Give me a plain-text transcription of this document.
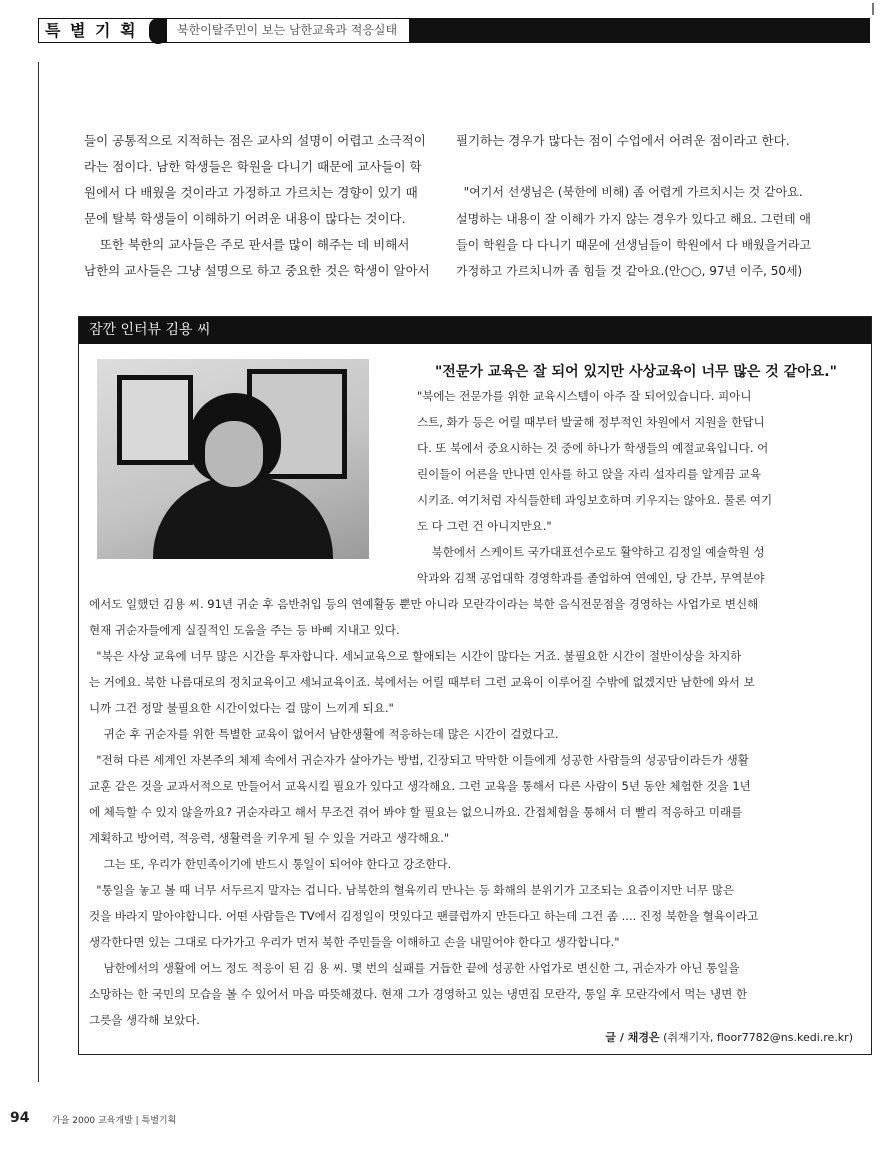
특 별 기 획	북한이탈주민이 보는 남한교육과 적응실태

들이 공통적으로 지적하는 점은 교사의 설명이 어렵고 소극적이

라는 점이다. 남한 학생들은 학원을 다니기 때문에 교사들이 학

원에서 다 배웠을 것이라고 가정하고 가르치는 경향이 있기 때

문에 탈북 학생들이 이해하기 어려운 내용이 많다는 것이다.

또한 북한의 교사들은 주로 판서를 많이 해주는 데 비해서

남한의 교사들은 그냥 설명으로 하고 중요한 것은 학생이 알아서

필기하는 경우가 많다는 점이 수업에서 어려운 점이라고 한다.

"여기서 선생님은 (북한에 비해) 좀 어렵게 가르치시는 것 같아요.

설명하는 내용이 잘 이해가 가지 않는 경우가 있다고 해요. 그런데 애

들이 학원을 다 다니기 때문에 선생님들이 학원에서 다 배웠을거라고

가정하고 가르치니까 좀 힘들 것 같아요.(안○○, 97년 이주, 50세)

잠깐 인터뷰 김용 씨
"전문가 교육은 잘 되어 있지만 사상교육이 너무 많은 것 같아요."

"북에는 전문가를 위한 교육시스템이 아주 잘 되어있습니다. 피아니

스트, 화가 등은 어릴 때부터 발굴해 정부적인 차원에서 지원을 한답니

다. 또 북에서 중요시하는 것 중에 하나가 학생들의 예절교육입니다. 어

린이들이 어른을 만나면 인사를 하고 앉을 자리 설자리를 알게끔 교육

시키죠. 여기처럼 자식들한테 과잉보호하며 키우지는 않아요. 물론 여기

도 다 그런 건 아니지만요."

북한에서 스케이트 국가대표선수로도 활약하고 김정일 예술학원 성

악과와 김책 공업대학 경영학과를 졸업하여 연예인, 당 간부, 무역분야

에서도 일했던 김용 씨. 91년 귀순 후 음반취입 등의 연예활동 뿐만 아니라 모란각이라는 북한 음식전문점을 경영하는 사업가로 변신해

현재 귀순자들에게 실질적인 도움을 주는 등 바삐 지내고 있다.

"북은 사상 교육에 너무 많은 시간을 투자합니다. 세뇌교육으로 할애되는 시간이 많다는 거죠. 불필요한 시간이 절반이상을 차지하

는 거에요. 북한 나름대로의 정치교육이고 세뇌교육이죠. 북에서는 어릴 때부터 그런 교육이 이루어질 수밖에 없겠지만 남한에 와서 보

니까 그건 정말 불필요한 시간이었다는 걸 많이 느끼게 되요."

귀순 후 귀순자를 위한 특별한 교육이 없어서 남한생활에 적응하는데 많은 시간이 걸렸다고.

"전혀 다른 세계인 자본주의 체제 속에서 귀순자가 살아가는 방법, 긴장되고 막막한 이들에게 성공한 사람들의 성공담이라든가 생활

교훈 같은 것을 교과서적으로 만들어서 교육시킬 필요가 있다고 생각해요. 그런 교육을 통해서 다른 사람이 5년 동안 체험한 것을 1년

에 체득할 수 있지 않을까요? 귀순자라고 해서 무조건 겪어 봐야 할 필요는 없으니까요. 간접체험을 통해서 더 빨리 적응하고 미래를

계획하고 방어력, 적응력, 생활력을 키우게 될 수 있을 거라고 생각해요."

그는 또, 우리가 한민족이기에 반드시 통일이 되어야 한다고 강조한다.

"통일을 놓고 볼 때 너무 서두르지 말자는 겁니다. 남북한의 혈육끼리 만나는 등 화해의 분위기가 고조되는 요즘이지만 너무 많은

것을 바라지 말아야합니다. 어떤 사람들은 TV에서 김정일이 멋있다고 팬클럽까지 만든다고 하는데 그건 좀 .... 진정 북한을 혈육이라고

생각한다면 있는 그대로 다가가고 우리가 먼저 북한 주민들을 이해하고 손을 내밀어야 한다고 생각합니다."

남한에서의 생활에 어느 정도 적응이 된 김 용 씨. 몇 번의 실패를 거듭한 끝에 성공한 사업가로 변신한 그, 귀순자가 아닌 통일을

소망하는 한 국민의 모습을 볼 수 있어서 마음 따뜻해졌다. 현재 그가 경영하고 있는 냉면집 모란각, 통일 후 모란각에서 먹는 냉면 한

그릇을 생각해 보았다.

글 / 채경은 (취재기자, floor7782@ns.kedi.re.kr)
94	가을 2000 교육개발 | 특별기획
